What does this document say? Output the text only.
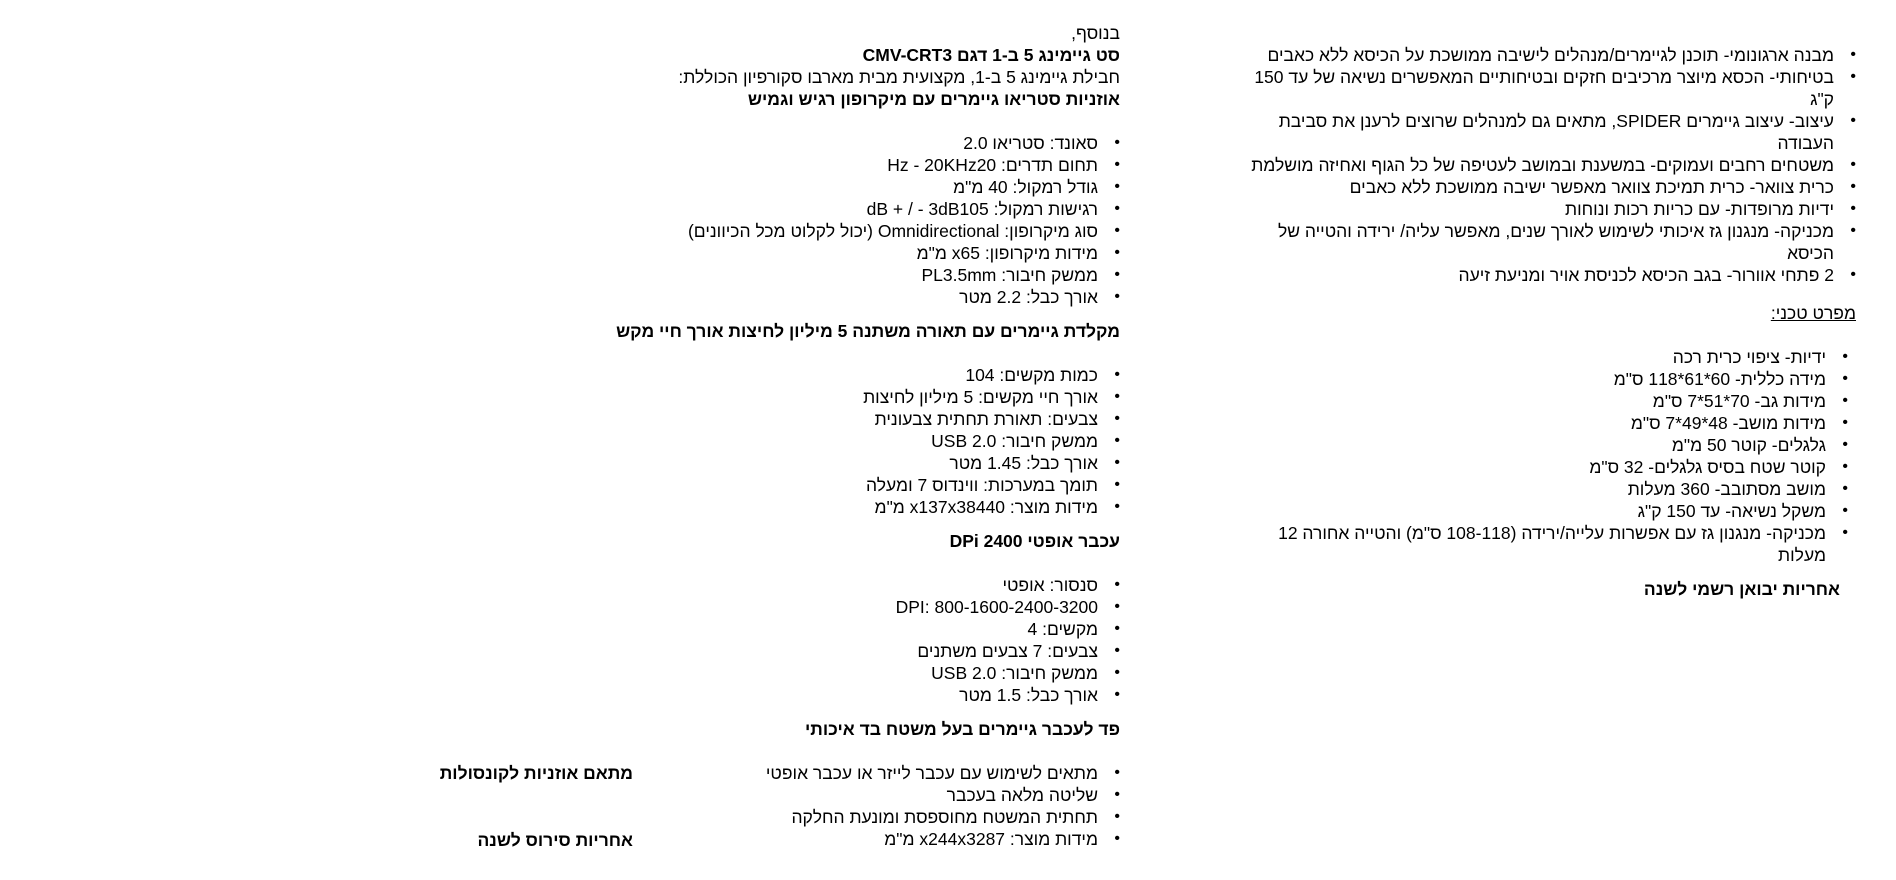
• מבנה ארגונומי- תוכנן לגיימרים/מנהלים לישיבה ממושכת על הכיסא ללא כאבים
• בטיחותי- הכסא מיוצר מרכיבים חזקים ובטיחותיים המאפשרים נשיאה של עד 150 ק"ג
• עיצוב- עיצוב גיימרים SPIDER, מתאים גם למנהלים שרוצים לרענן את סביבת העבודה
• משטחים רחבים ועמוקים- במשענת ובמושב לעטיפה של כל הגוף ואחיזה מושלמת
• כרית צוואר- כרית תמיכת צוואר מאפשר ישיבה ממושכת ללא כאבים
• ידיות מרופדות- עם כריות רכות ונוחות
• מכניקה- מנגנון גז איכותי לשימוש לאורך שנים, מאפשר עליה/ ירידה והטייה של הכיסא
• 2 פתחי אוורור- בגב הכיסא לכניסת אויר ומניעת זיעה
מפרט טכני:
• ידיות- ציפוי כרית רכה
• מידה כללית- 60*61*118 ס"מ
• מידות גב- 70*51*7 ס"מ
• מידות מושב- 48*49*7 ס"מ
• גלגלים- קוטר 50 מ"מ
• קוטר שטח בסיס גלגלים- 32 ס"מ
• מושב מסתובב- 360 מעלות
• משקל נשיאה- עד 150 ק"ג
• מכניקה- מנגנון גז עם אפשרות עלייה/ירידה (108-118 ס"מ) והטייה אחורה 12 מעלות
אחריות יבואן רשמי לשנה
בנוסף,
סט גיימינג 5 ב-1 דגם CMV-CRT3
חבילת גיימינג 5 ב-1, מקצועית מבית מארבו סקורפיון הכוללת:
אוזניות סטריאו גיימרים עם מיקרופון רגיש וגמיש
• סאונד: סטריאו 2.0
• תחום תדרים: Hz - 20KHz20
• גודל רמקול: 40 מ"מ
• רגישות רמקול: dB + / - 3dB105
• סוג מיקרופון: Omnidirectional (יכול לקלוט מכל הכיוונים)
• מידות מיקרופון: x65 מ"מ
• ממשק חיבור: PL3.5mm
• אורך כבל: 2.2 מטר
מקלדת גיימרים עם תאורה משתנה 5 מיליון לחיצות אורך חיי מקש
• כמות מקשים: 104
• אורך חיי מקשים: 5 מיליון לחיצות
• צבעים: תאורת תחתית צבעונית
• ממשק חיבור: USB 2.0
• אורך כבל: 1.45 מטר
• תומך במערכות: ווינדוס 7 ומעלה
• מידות מוצר: x137x38440 מ"מ
עכבר אופטי DPi 2400
• סנסור: אופטי
• DPI: 800-1600-2400-3200
• מקשים: 4
• צבעים: 7 צבעים משתנים
• ממשק חיבור: USB 2.0
• אורך כבל: 1.5 מטר
פד לעכבר גיימרים בעל משטח בד איכותי
• מתאים לשימוש עם עכבר לייזר או עכבר אופטי
• שליטה מלאה בעכבר
• תחתית המשטח מחוספסת ומונעת החלקה
• מידות מוצר: x244x3287 מ"מ
מתאם אוזניות לקונסולות
אחריות סירוס לשנה
